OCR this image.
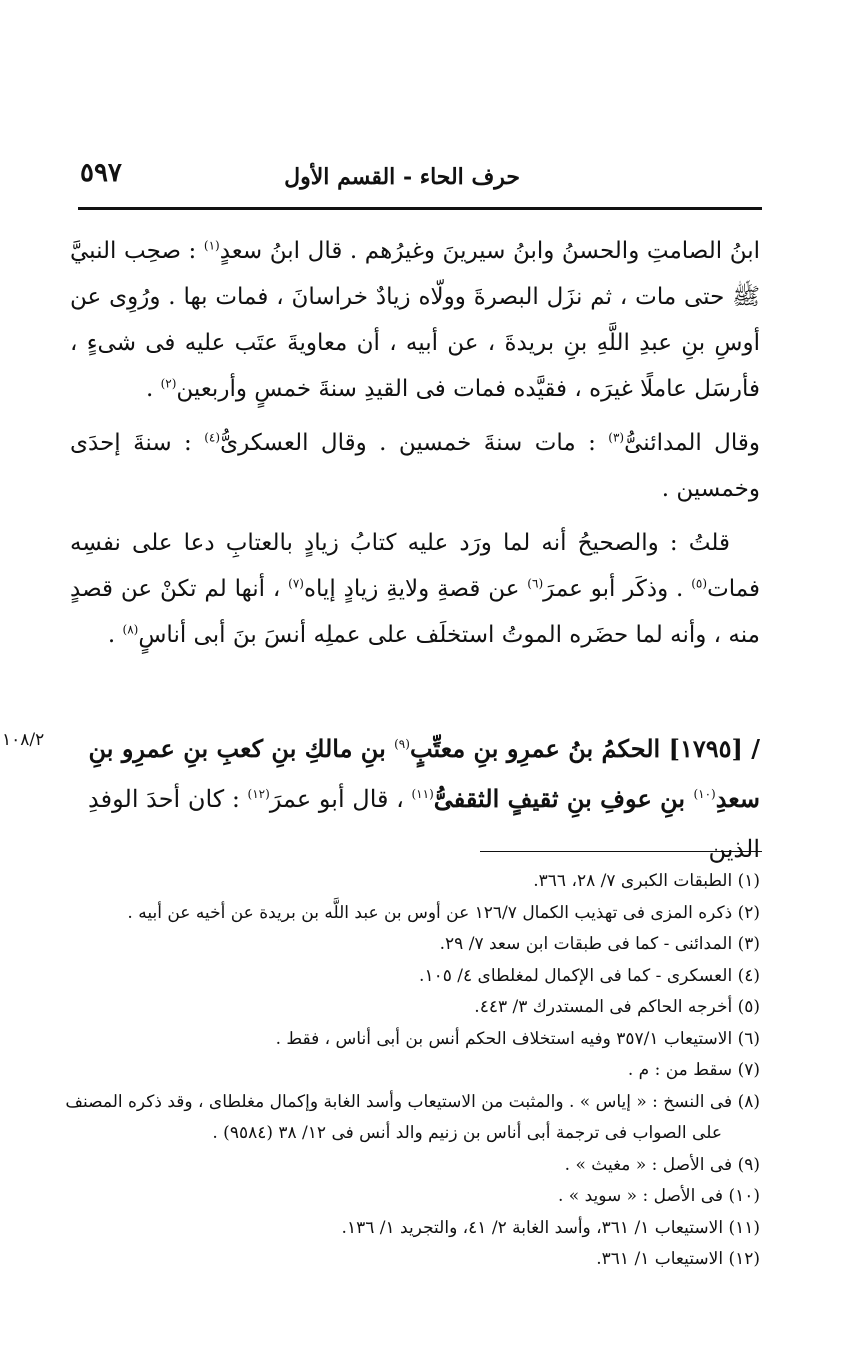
حرف الحاء - القسم الأول
٥٩٧

ابنُ الصامتِ والحسنُ وابنُ سيرينَ وغيرُهم . قال ابنُ سعدٍ$^{(١)}$ : صحِب النبيَّ ﷺ حتى مات ، ثم نزَل البصرةَ وولّاه زيادٌ خراسانَ ، فمات بها . ورُوِى عن أوسِ بنِ عبدِ اللَّهِ بنِ بريدةَ ، عن أبيه ، أن معاويةَ عتَب عليه فى شىءٍ ، فأرسَل عاملًا غيرَه ، فقيَّده فمات فى القيدِ سنةَ خمسٍ وأربعين$^{(٢)}$ .

وقال المدائنىُّ$^{(٣)}$ : مات سنةَ خمسين . وقال العسكرىُّ$^{(٤)}$ : سنةَ إحدَى وخمسين .

قلتُ : والصحيحُ أنه لما ورَد عليه كتابُ زيادٍ بالعتابِ دعا على نفسِه فمات$^{(٥)}$ . وذكَر أبو عمرَ$^{(٦)}$ عن قصةِ ولايةِ زيادٍ إياه$^{(٧)}$ ، أنها لم تكنْ عن قصدٍ منه ، وأنه لما حضَره الموتُ استخلَف على عملِه أنسَ بنَ أبى أناسٍ$^{(٨)}$ .

/ [١٧٩٥] الحكمُ بنُ عمرِو بنِ معتِّبٍ$^{(٩)}$ بنِ مالكِ بنِ كعبِ بنِ عمرِو بنِ سعدِ$^{(١٠)}$ بنِ عوفِ بنِ ثقيفٍ الثقفىُّ$^{(١١)}$ ، قال أبو عمرَ$^{(١٢)}$ : كان أحدَ الوفدِ الذين
١٠٨/٢

(١) الطبقات الكبرى ٧/ ٢٨، ٣٦٦.

(٢) ذكره المزى فى تهذيب الكمال ١٢٦/٧ عن أوس بن عبد اللَّه بن بريدة عن أخيه عن أبيه .

(٣) المدائنى - كما فى طبقات ابن سعد ٧/ ٢٩.

(٤) العسكرى - كما فى الإكمال لمغلطاى ٤/ ١٠٥.

(٥) أخرجه الحاكم فى المستدرك ٣/ ٤٤٣.

(٦) الاستيعاب ٣٥٧/١ وفيه استخلاف الحكم أنس بن أبى أناس ، فقط .

(٧) سقط من : م .

(٨) فى النسخ : « إياس » . والمثبت من الاستيعاب وأسد الغابة وإكمال مغلطاى ، وقد ذكره المصنف

على الصواب فى ترجمة أبى أناس بن زنيم والد أنس فى ١٢/ ٣٨ (٩٥٨٤) .

(٩) فى الأصل : « مغيث » .

(١٠) فى الأصل : « سويد » .

(١١) الاستيعاب ١/ ٣٦١، وأسد الغابة ٢/ ٤١، والتجريد ١/ ١٣٦.

(١٢) الاستيعاب ١/ ٣٦١.
